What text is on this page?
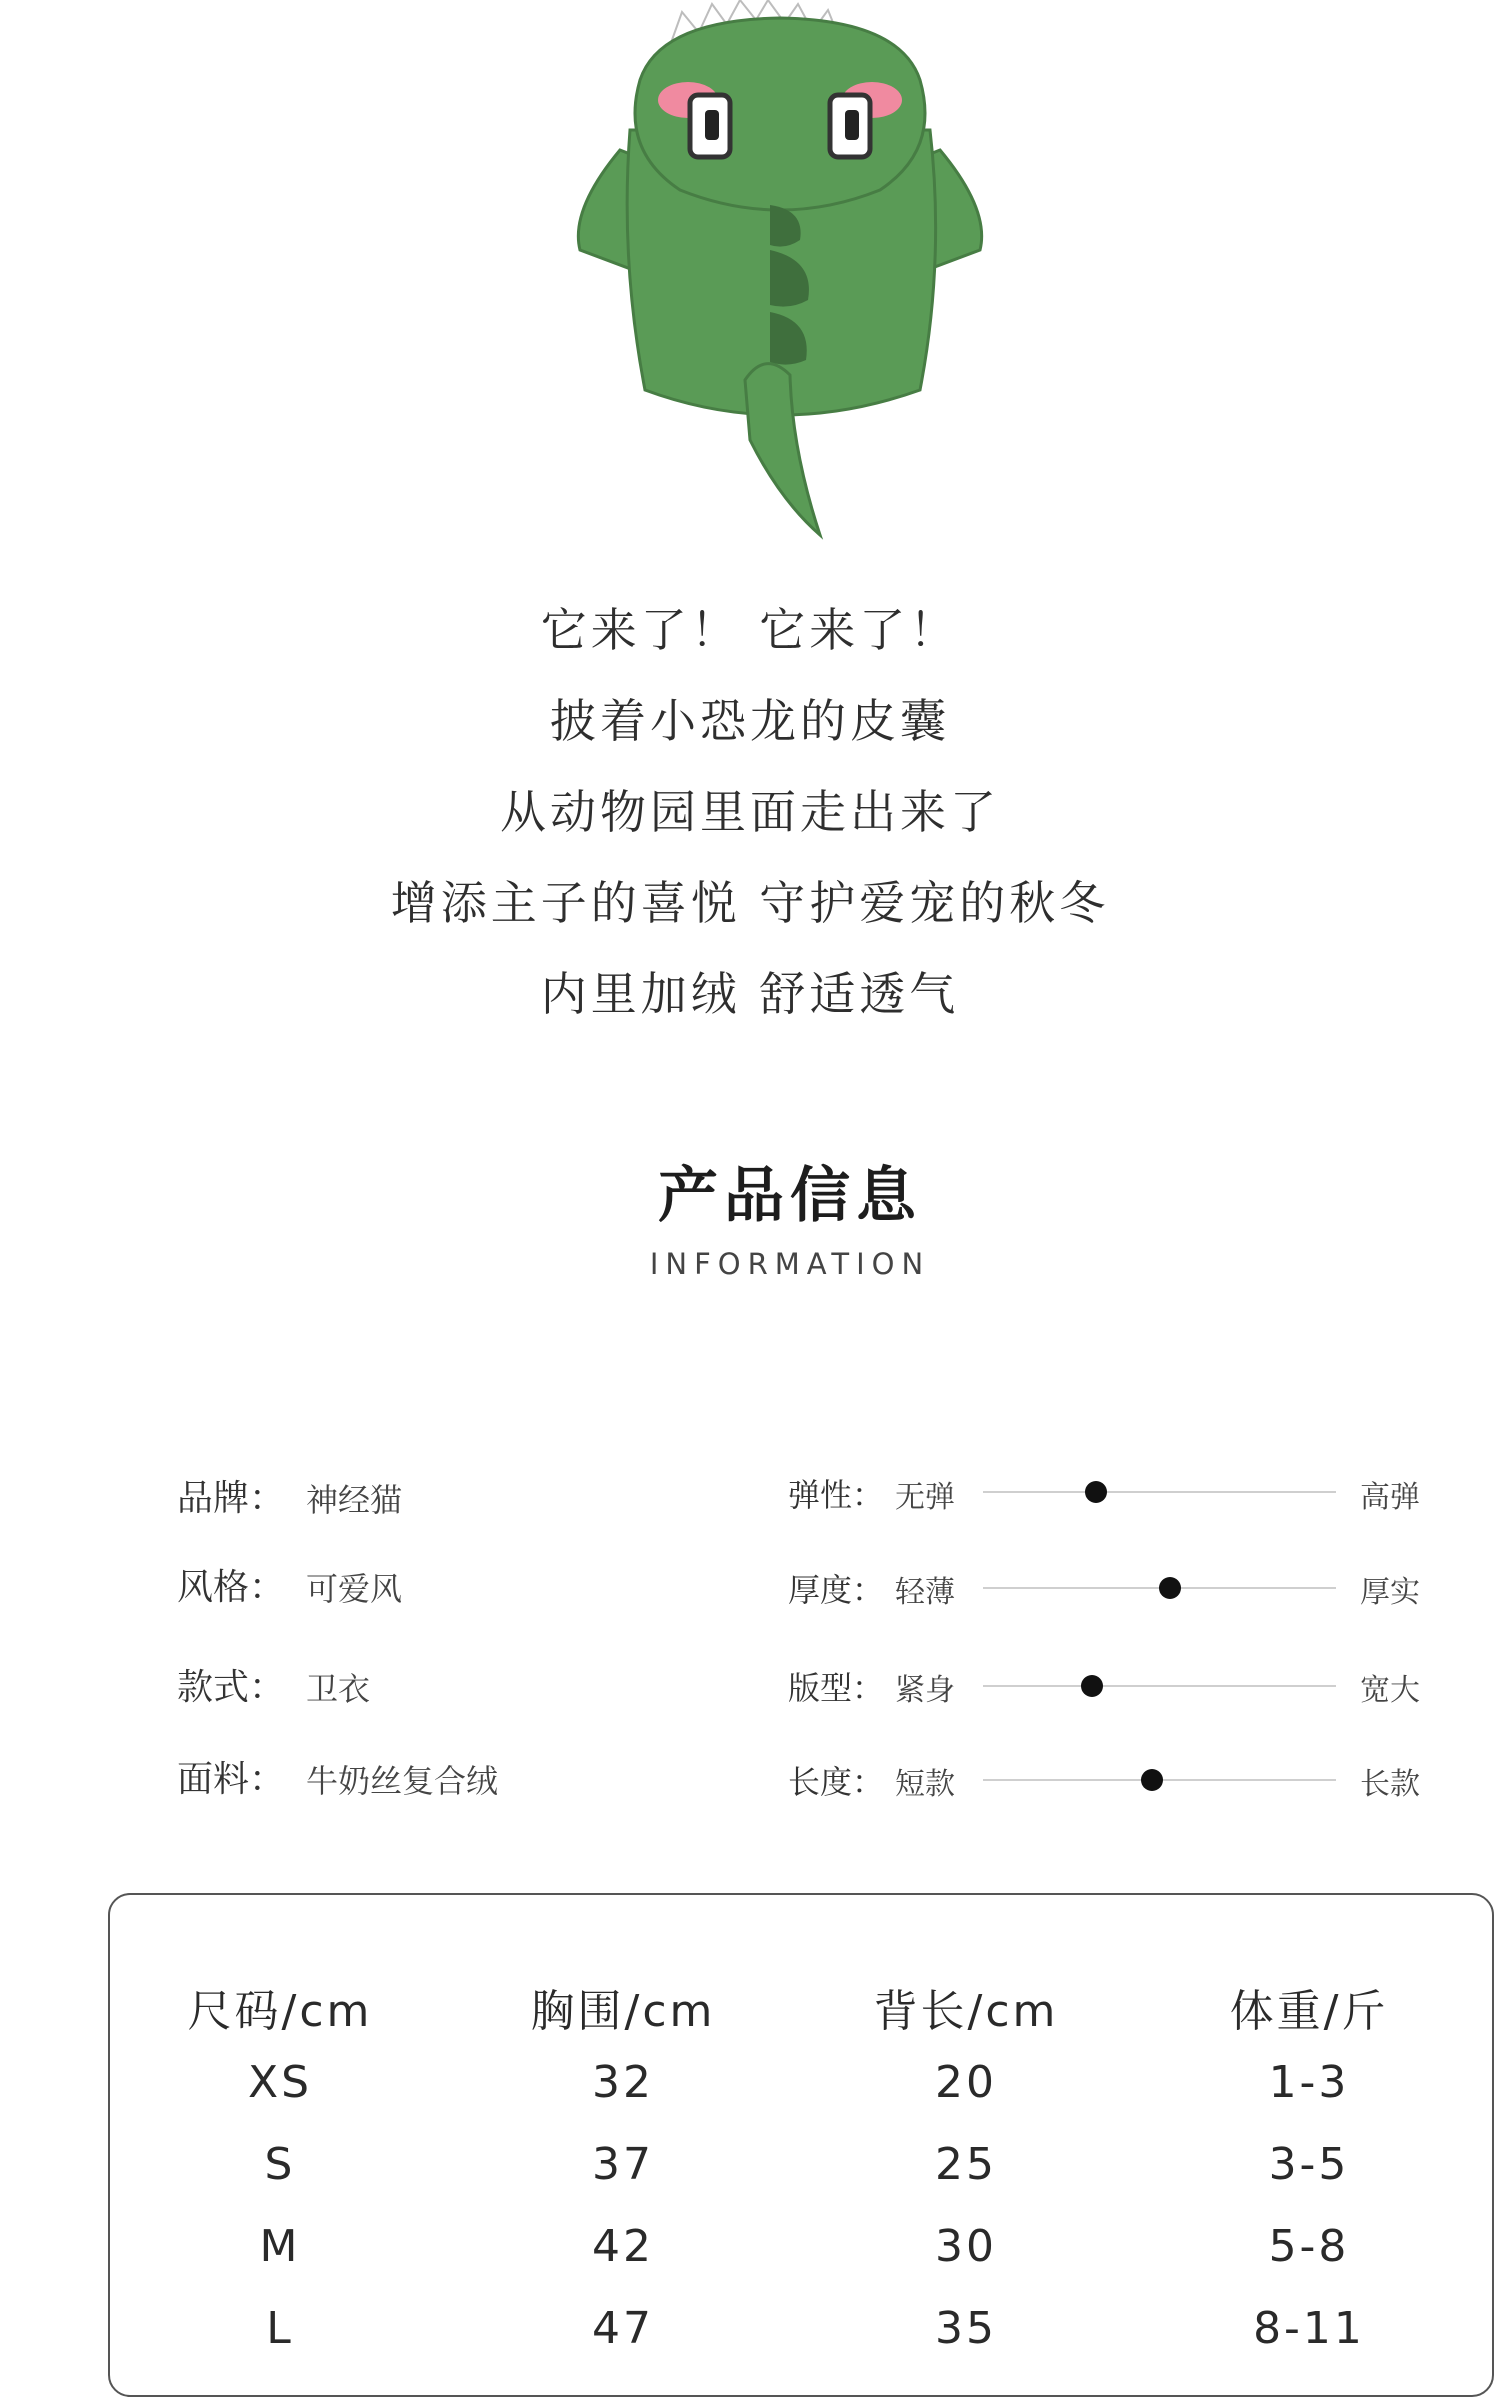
它来了！ 它来了！
披着小恐龙的皮囊
从动物园里面走出来了
增添主子的喜悦 守护爱宠的秋冬
内里加绒 舒适透气
产品信息
INFORMATION
品牌： 神经猫
风格： 可爱风
款式： 卫衣
面料： 牛奶丝复合绒
弹性： 无弹	高弹
厚度： 轻薄	厚实
版型： 紧身	宽大
长度： 短款	长款
尺码/cm	胸围/cm	背长/cm	体重/斤
XS	32	20	1-3
S	37	25	3-5
M	42	30	5-8
L	47	35	8-11
